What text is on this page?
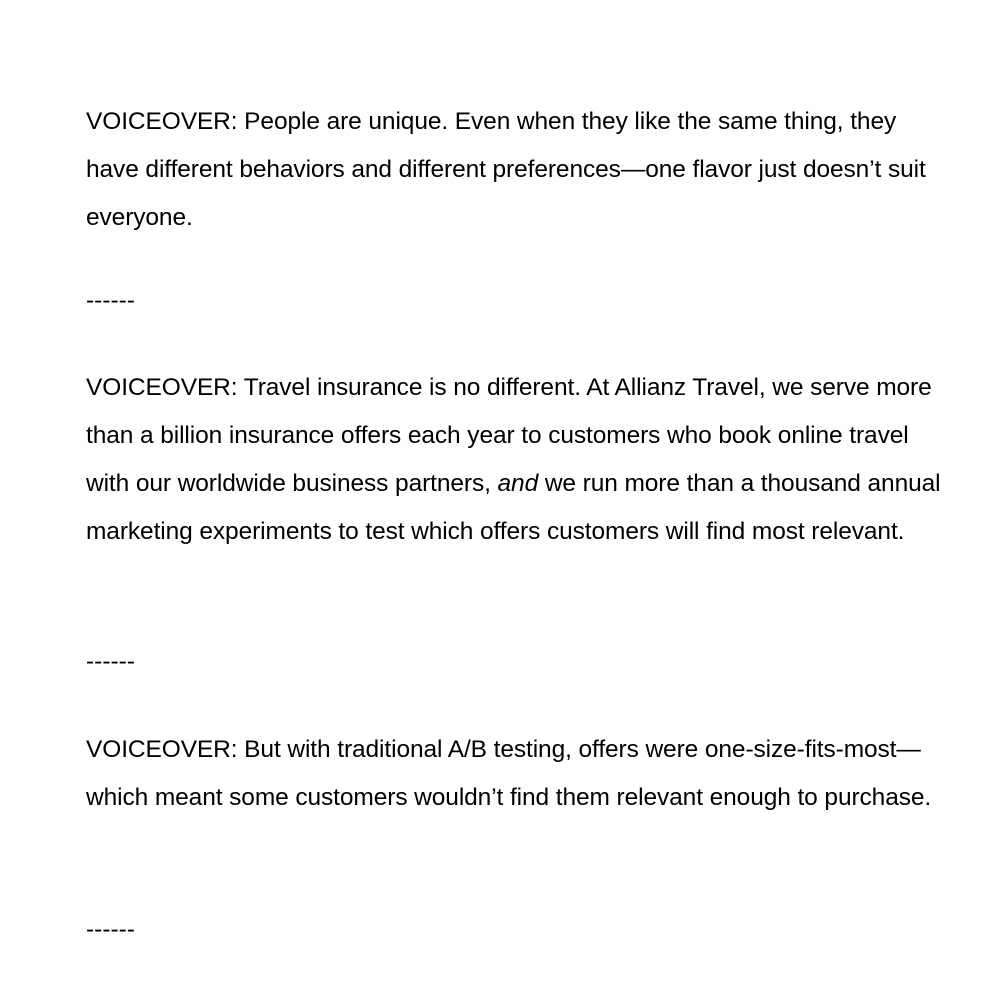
VOICEOVER: People are unique. Even when they like the same thing, they have different behaviors and different preferences—one flavor just doesn’t suit everyone.

------

VOICEOVER: Travel insurance is no different. At Allianz Travel, we serve more than a billion insurance offers each year to customers who book online travel with our worldwide business partners, and we run more than a thousand annual marketing experiments to test which offers customers will find most relevant.

------

VOICEOVER: But with traditional A/B testing, offers were one-size-fits-most—which meant some customers wouldn’t find them relevant enough to purchase.

------
